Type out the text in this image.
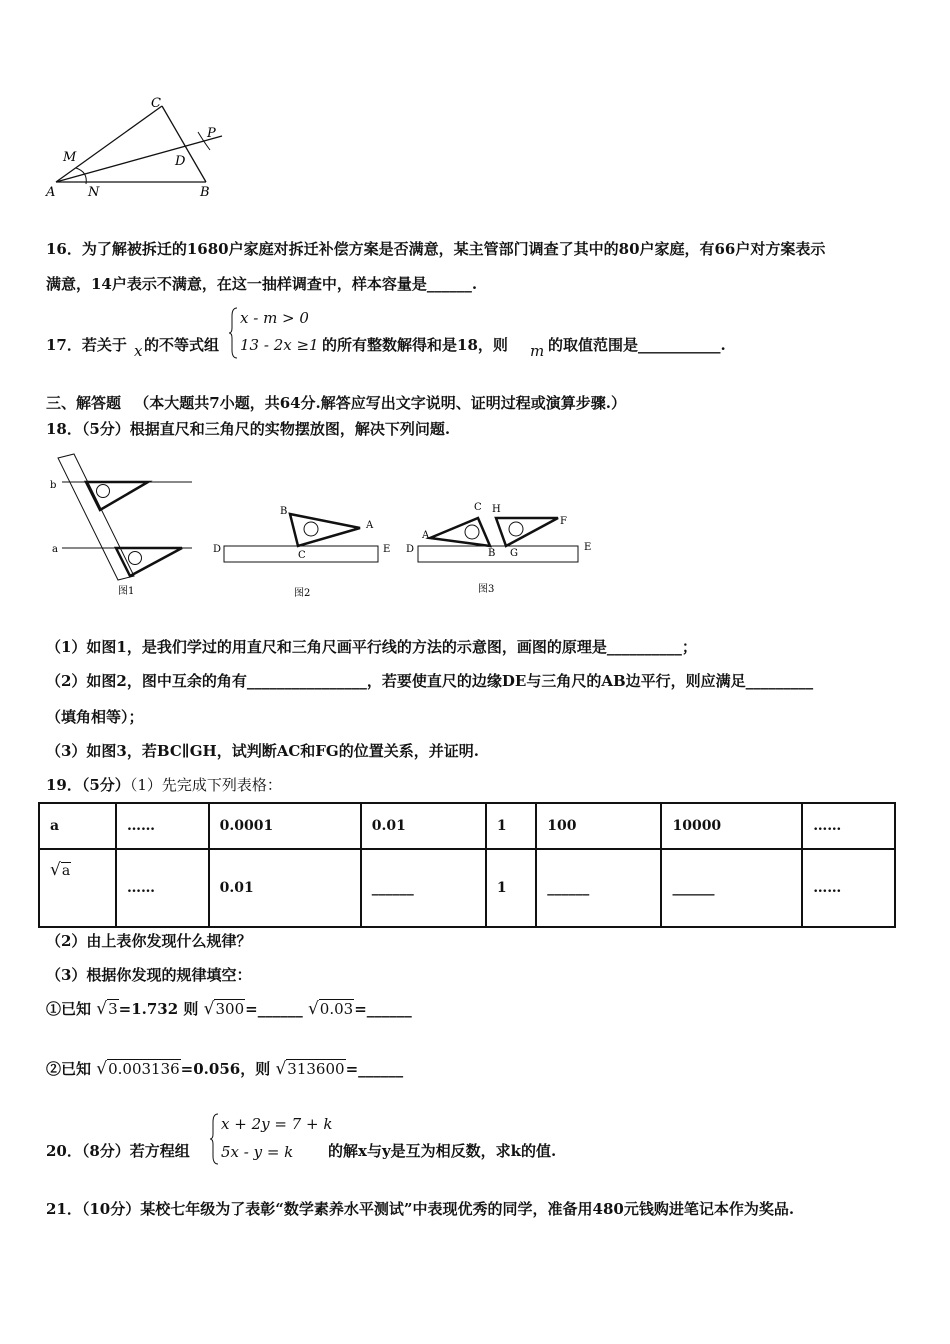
C
P
M	D
A	N	B
16．为了解被拆迁的1680户家庭对拆迁补偿方案是否满意，某主管部门调查了其中的80户家庭，有66户对方案表示
满意，14户表示不满意，在这一抽样调查中，样本容量是______.
17．若关于 x 的不等式组
x - m > 0
13 - 2x ≥1 的所有整数解得和是18，则 m 的取值范围是___________.
三、解答题 （本大题共7小题，共64分.解答应写出文字说明、证明过程或演算步骤.）
18．（5分）根据直尺和三角尺的实物摆放图，解决下列问题.
b
a
图1
B
A
C
D	E
图2
C H
A
F
D	B G
E
图3
（1）如图1，是我们学过的用直尺和三角尺画平行线的方法的示意图，画图的原理是__________；
（2）如图2，图中互余的角有________________，若要使直尺的边缘DE与三角尺的AB边平行，则应满足_________
（填角相等）；
（3）如图3，若BC∥GH，试判断AC和FG的位置关系，并证明.
19．（5分）（1）先完成下列表格：
a	……	0.0001	0.01	1	100	10000	……
√a	……	0.01	______	1	______	______	……
（2）由上表你发现什么规律？
（3）根据你发现的规律填空：
①已知 √3=1.732 则 √300=______ √0.03=______
②已知 √0.003136=0.056，则 √313600=______
20．（8分）若方程组
x + 2y = 7 + k
5x - y = k 的解x与y是互为相反数，求k的值.
21．（10分）某校七年级为了表彰“数学素养水平测试”中表现优秀的同学，准备用480元钱购进笔记本作为奖品.
